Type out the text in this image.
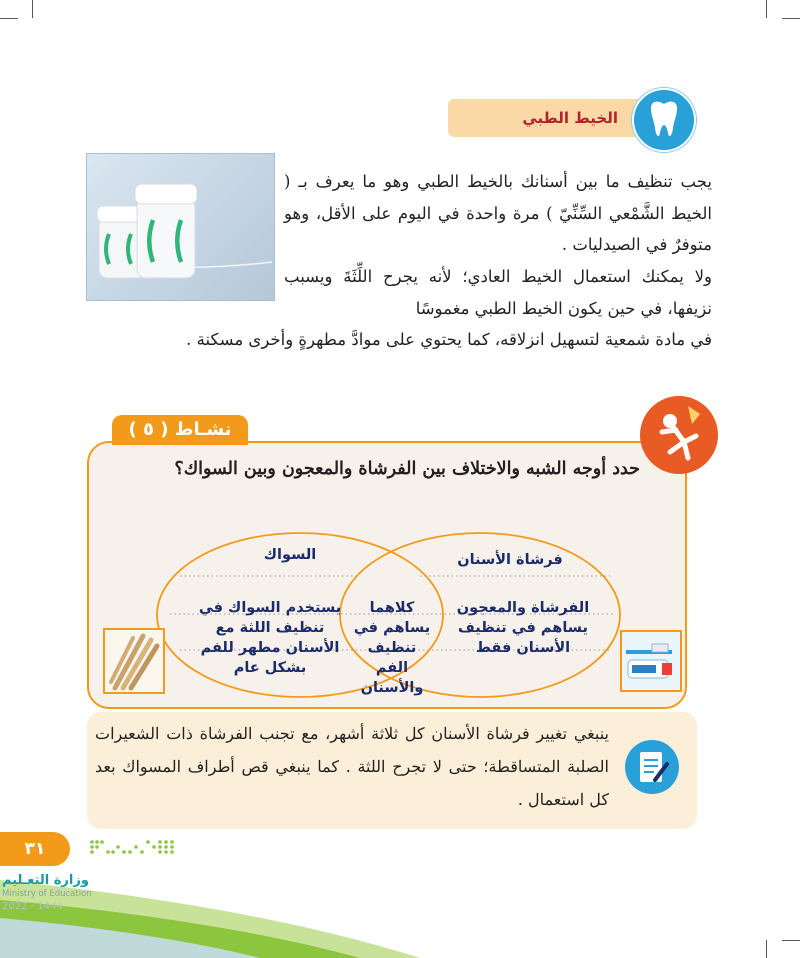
الخيط الطبي
يجب تنظيف ما بين أسنانك بالخيط الطبي وهو ما يعرف بـ ( الخيط الشَّمْعي السِّنِّيّ ) مرة واحدة في اليوم على الأقل، وهو متوفرٌ في الصيدليات .
ولا يمكنك استعمال الخيط العادي؛ لأنه يجرح اللِّثَةَ ويسبب نزيفها، في حين يكون الخيط الطبي مغموسًا
في مادة شمعية لتسهيل انزلاقه، كما يحتوي على موادَّ مطهرةٍ وأخرى مسكنة .
نشـاط ( ٥ )
حدد أوجه الشبه والاختلاف بين الفرشاة والمعجون وبين السواك؟
فرشاة الأسنان
السواك
الفرشاة والمعجون يساهم في تنظيف الأسنان فقط
كلاهما يساهم في تنظيف الفم والأسنان
يستخدم السواك في تنظيف اللثة مع الأسنان مطهر للفم بشكل عام
ينبغي تغيير فرشاة الأسنان كل ثلاثة أشهر، مع تجنب الفرشاة ذات الشعيرات الصلبة المتساقطة؛ حتى لا تجرح اللثة . كما ينبغي قص أطراف المسواك بعد كل استعمال .
٣١
وزارة التعـليم
Ministry of Education
2022 - 1444
